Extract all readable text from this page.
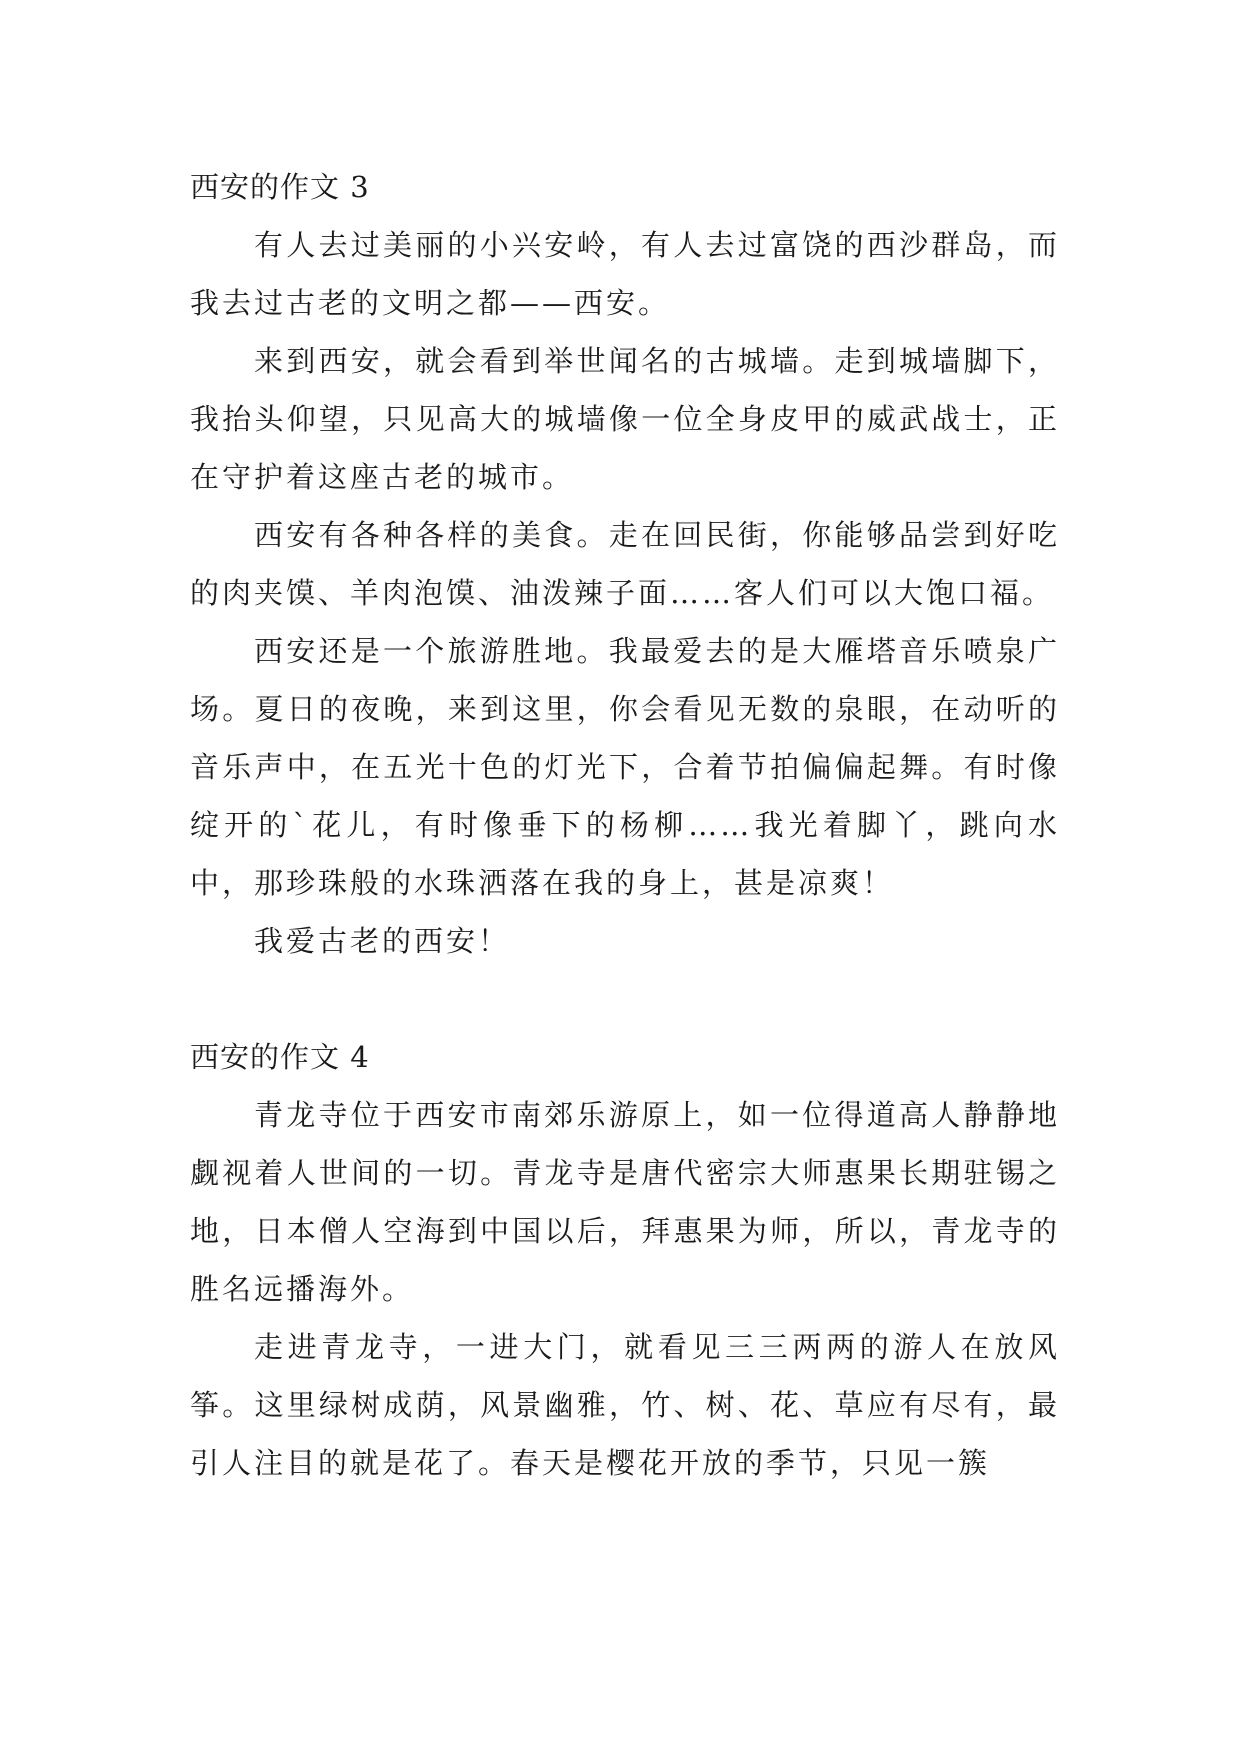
西安的作文 3

有人去过美丽的小兴安岭，有人去过富饶的西沙群岛，而我去过古老的文明之都——西安。

来到西安，就会看到举世闻名的古城墙。走到城墙脚下，我抬头仰望，只见高大的城墙像一位全身皮甲的威武战士，正在守护着这座古老的城市。

西安有各种各样的美食。走在回民街，你能够品尝到好吃的肉夹馍、羊肉泡馍、油泼辣子面……客人们可以大饱口福。

西安还是一个旅游胜地。我最爱去的是大雁塔音乐喷泉广场。夏日的夜晚，来到这里，你会看见无数的泉眼，在动听的音乐声中，在五光十色的灯光下，合着节拍偏偏起舞。有时像绽开的`花儿，有时像垂下的杨柳……我光着脚丫，跳向水中，那珍珠般的水珠洒落在我的身上，甚是凉爽！

我爱古老的西安！

西安的作文 4

青龙寺位于西安市南郊乐游原上，如一位得道高人静静地觑视着人世间的一切。青龙寺是唐代密宗大师惠果长期驻锡之地，日本僧人空海到中国以后，拜惠果为师，所以，青龙寺的胜名远播海外。

走进青龙寺，一进大门，就看见三三两两的游人在放风筝。这里绿树成荫，风景幽雅，竹、树、花、草应有尽有，最引人注目的就是花了。春天是樱花开放的季节，只见一簇
